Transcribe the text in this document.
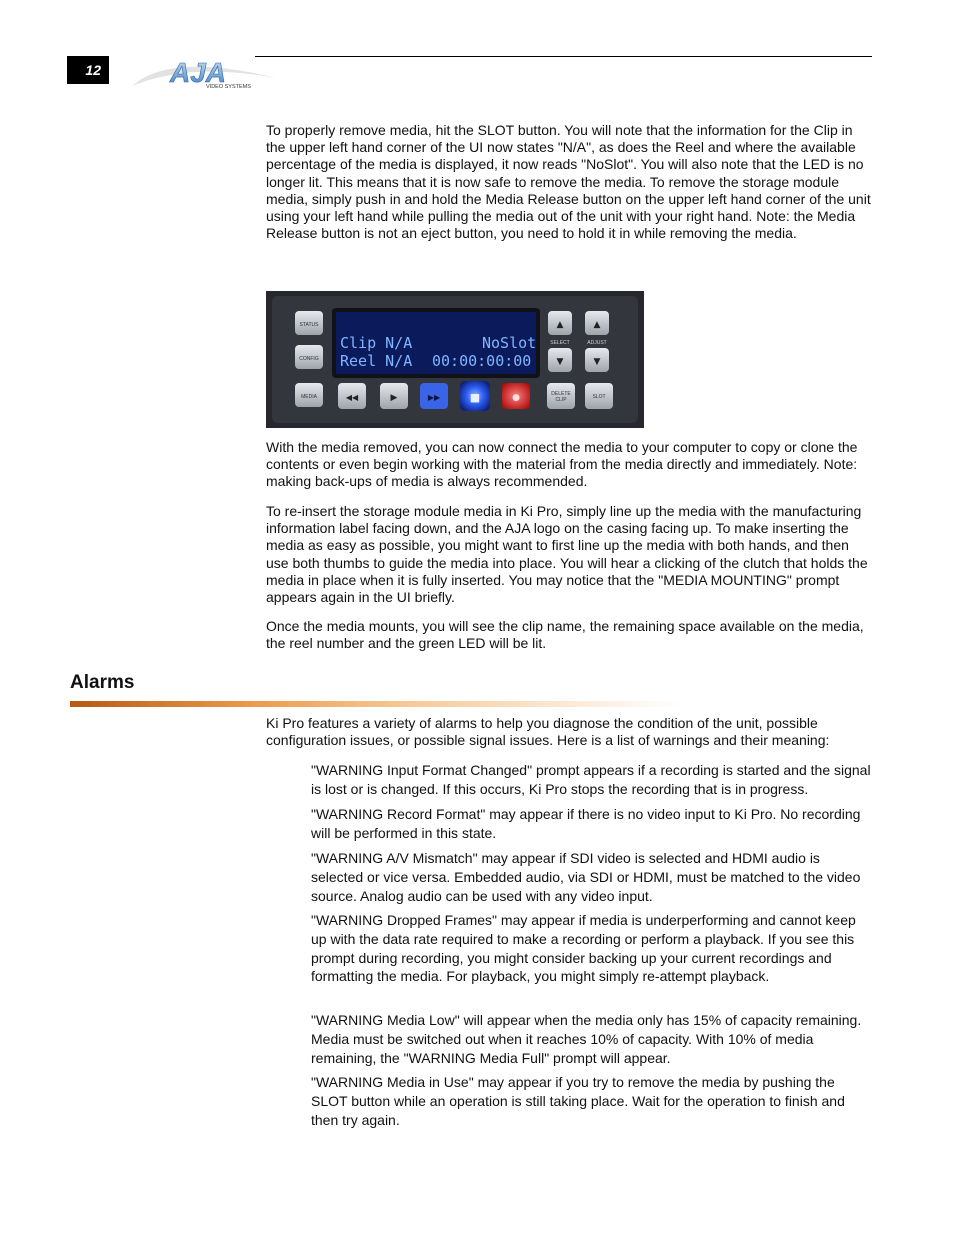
12 AJA
VIDEO SYSTEMS

To properly remove media, hit the SLOT button. You will note that the information for the Clip in the upper left hand corner of the UI now states "N/A", as does the Reel and where the available percentage of the media is displayed, it now reads "NoSlot". You will also note that the LED is no longer lit. This means that it is now safe to remove the media. To remove the storage module media, simply push in and hold the Media Release button on the upper left hand corner of the unit using your left hand while pulling the media out of the unit with your right hand. Note: the Media Release button is not an eject button, you need to hold it in while removing the media.

STATUS
CONFIG
MEDIA
Clip N/A	NoSlot
Reel N/A 00:00:00:00
▲
▼
▲
▼
SELECT	ADJUST
◀◀	▶	▶▶	■	●	DELETE
CLIP	SLOT

With the media removed, you can now connect the media to your computer to copy or clone the contents or even begin working with the material from the media directly and immediately. Note: making back-ups of media is always recommended.

To re-insert the storage module media in Ki Pro, simply line up the media with the manufacturing information label facing down, and the AJA logo on the casing facing up. To make inserting the media as easy as possible, you might want to first line up the media with both hands, and then use both thumbs to guide the media into place. You will hear a clicking of the clutch that holds the media in place when it is fully inserted. You may notice that the "MEDIA MOUNTING" prompt appears again in the UI briefly.

Once the media mounts, you will see the clip name, the remaining space available on the media, the reel number and the green LED will be lit.

Alarms

Ki Pro features a variety of alarms to help you diagnose the condition of the unit, possible configuration issues, or possible signal issues. Here is a list of warnings and their meaning:

"WARNING Input Format Changed" prompt appears if a recording is started and the signal is lost or is changed. If this occurs, Ki Pro stops the recording that is in progress.

"WARNING Record Format" may appear if there is no video input to Ki Pro. No recording will be performed in this state.

"WARNING A/V Mismatch" may appear if SDI video is selected and HDMI audio is selected or vice versa. Embedded audio, via SDI or HDMI, must be matched to the video source. Analog audio can be used with any video input.

"WARNING Dropped Frames" may appear if media is underperforming and cannot keep up with the data rate required to make a recording or perform a playback. If you see this prompt during recording, you might consider backing up your current recordings and formatting the media. For playback, you might simply re-attempt playback.

"WARNING Media Low" will appear when the media only has 15% of capacity remaining. Media must be switched out when it reaches 10% of capacity. With 10% of media remaining, the "WARNING Media Full" prompt will appear.

"WARNING Media in Use" may appear if you try to remove the media by pushing the SLOT button while an operation is still taking place. Wait for the operation to finish and then try again.
